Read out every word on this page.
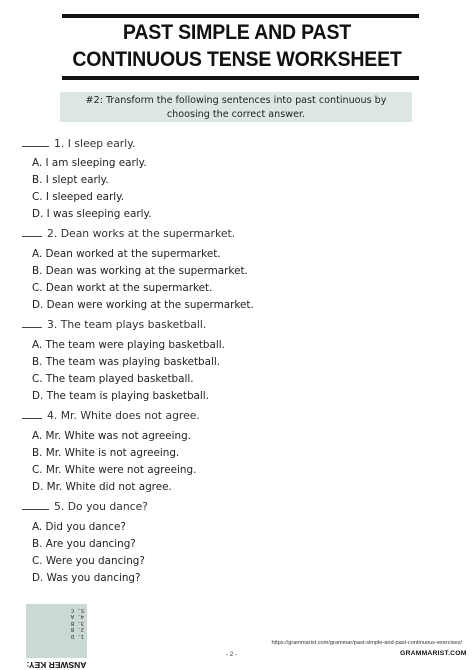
PAST SIMPLE AND PAST
CONTINUOUS TENSE WORKSHEET
#2: Transform the following sentences into past continuous by
choosing the correct answer.
1. I sleep early.
A. I am sleeping early.
B. I slept early.
C. I sleeped early.
D. I was sleeping early.
2. Dean works at the supermarket.
A. Dean worked at the supermarket.
B. Dean was working at the supermarket.
C. Dean workt at the supermarket.
D. Dean were working at the supermarket.
3. The team plays basketball.
A. The team were playing basketball.
B. The team was playing basketball.
C. The team played basketball.
D. The team is playing basketball.
4. Mr. White does not agree.
A. Mr. White was not agreeing.
B. Mr. White is not agreeing.
C. Mr. White were not agreeing.
D. Mr. White did not agree.
5. Do you dance?
A. Did you dance?
B. Are you dancing?
C. Were you dancing?
D. Was you dancing?
ANSWER KEY:
1. D
2. B
3. B
4. A
5. C
https://grammarist.com/grammar/past-simple-and-past-continuous-exercises/
- 2 -	GRAMMARIST.COM
